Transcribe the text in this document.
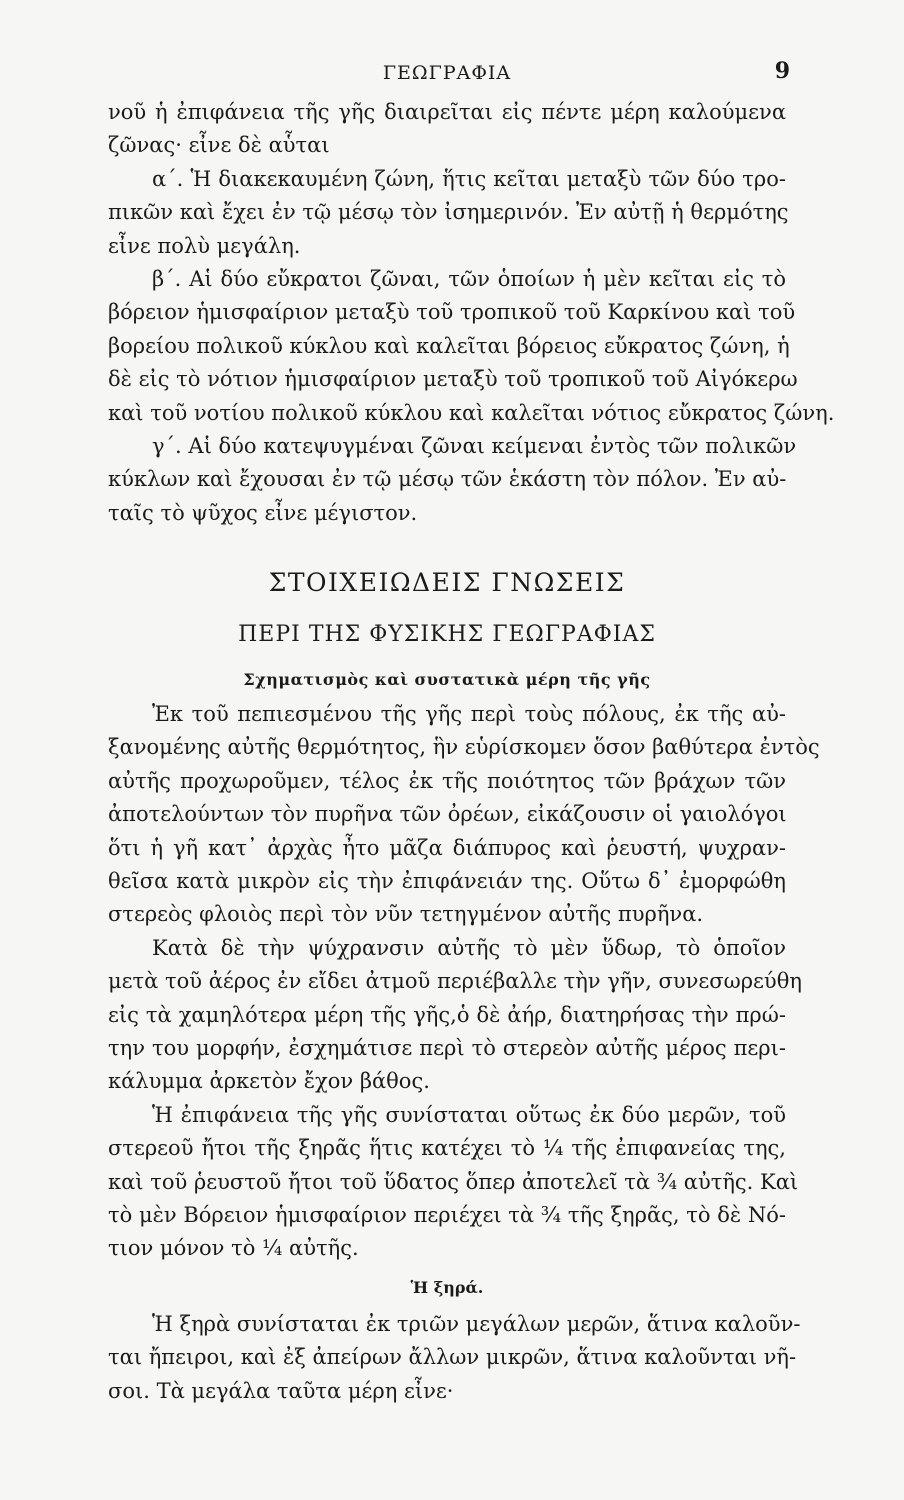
ΓΕΩΓΡΑΦΙΑ	9
νοῦ ἡ ἐπιφάνεια τῆς γῆς διαιρεῖται εἰς πέντε μέρη καλούμενα
ζῶνας· εἶνε δὲ αὗται
α΄. Ἡ διακεκαυμένη ζώνη, ἥτις κεῖται μεταξὺ τῶν δύο τρο-
πικῶν καὶ ἔχει ἐν τῷ μέσῳ τὸν ἰσημερινόν. Ἐν αὐτῇ ἡ θερμότης
εἶνε πολὺ μεγάλη.
β΄. Αἱ δύο εὔκρατοι ζῶναι, τῶν ὁποίων ἡ μὲν κεῖται εἰς τὸ
βόρειον ἡμισφαίριον μεταξὺ τοῦ τροπικοῦ τοῦ Καρκίνου καὶ τοῦ
βορείου πολικοῦ κύκλου καὶ καλεῖται βόρειος εὔκρατος ζώνη, ἡ
δὲ εἰς τὸ νότιον ἡμισφαίριον μεταξὺ τοῦ τροπικοῦ τοῦ Αἰγόκερω
καὶ τοῦ νοτίου πολικοῦ κύκλου καὶ καλεῖται νότιος εὔκρατος ζώνη.
γ΄. Αἱ δύο κατεψυγμέναι ζῶναι κείμεναι ἐντὸς τῶν πολικῶν
κύκλων καὶ ἔχουσαι ἐν τῷ μέσῳ τῶν ἑκάστη τὸν πόλον. Ἐν αὐ-
ταῖς τὸ ψῦχος εἶνε μέγιστον.
ΣΤΟΙΧΕΙΩΔΕΙΣ ΓΝΩΣΕΙΣ
ΠΕΡΙ ΤΗΣ ΦΥΣΙΚΗΣ ΓΕΩΓΡΑΦΙΑΣ
Σχηματισμὸς καὶ συστατικὰ μέρη τῆς γῆς
Ἐκ τοῦ πεπιεσμένου τῆς γῆς περὶ τοὺς πόλους, ἐκ τῆς αὐ-
ξανομένης αὐτῆς θερμότητος, ἣν εὑρίσκομεν ὅσον βαθύτερα ἐντὸς
αὐτῆς προχωροῦμεν, τέλος ἐκ τῆς ποιότητος τῶν βράχων τῶν
ἀποτελούντων τὸν πυρῆνα τῶν ὀρέων, εἰκάζουσιν οἱ γαιολόγοι
ὅτι ἡ γῆ κατ᾽ ἀρχὰς ἦτο μᾶζα διάπυρος καὶ ῥευστή, ψυχραν-
θεῖσα κατὰ μικρὸν εἰς τὴν ἐπιφάνειάν της. Οὕτω δ᾽ ἐμορφώθη
στερεὸς φλοιὸς περὶ τὸν νῦν τετηγμένον αὐτῆς πυρῆνα.
Κατὰ δὲ τὴν ψύχρανσιν αὐτῆς τὸ μὲν ὕδωρ, τὸ ὁποῖον
μετὰ τοῦ ἀέρος ἐν εἴδει ἀτμοῦ περιέβαλλε τὴν γῆν, συνεσωρεύθη
εἰς τὰ χαμηλότερα μέρη τῆς γῆς,ὁ δὲ ἀήρ, διατηρήσας τὴν πρώ-
την του μορφήν, ἐσχημάτισε περὶ τὸ στερεὸν αὐτῆς μέρος περι-
κάλυμμα ἀρκετὸν ἔχον βάθος.
Ἡ ἐπιφάνεια τῆς γῆς συνίσταται οὕτως ἐκ δύο μερῶν, τοῦ
στερεοῦ ἤτοι τῆς ξηρᾶς ἥτις κατέχει τὸ ¼ τῆς ἐπιφανείας της,
καὶ τοῦ ῥευστοῦ ἤτοι τοῦ ὕδατος ὅπερ ἀποτελεῖ τὰ ¾ αὐτῆς. Καὶ
τὸ μὲν Βόρειον ἡμισφαίριον περιέχει τὰ ¾ τῆς ξηρᾶς, τὸ δὲ Νό-
τιον μόνον τὸ ¼ αὐτῆς.
Ἡ ξηρά.
Ἡ ξηρὰ συνίσταται ἐκ τριῶν μεγάλων μερῶν, ἅτινα καλοῦν-
ται ἤπειροι, καὶ ἐξ ἀπείρων ἄλλων μικρῶν, ἅτινα καλοῦνται νῆ-
σοι. Τὰ μεγάλα ταῦτα μέρη εἶνε·
